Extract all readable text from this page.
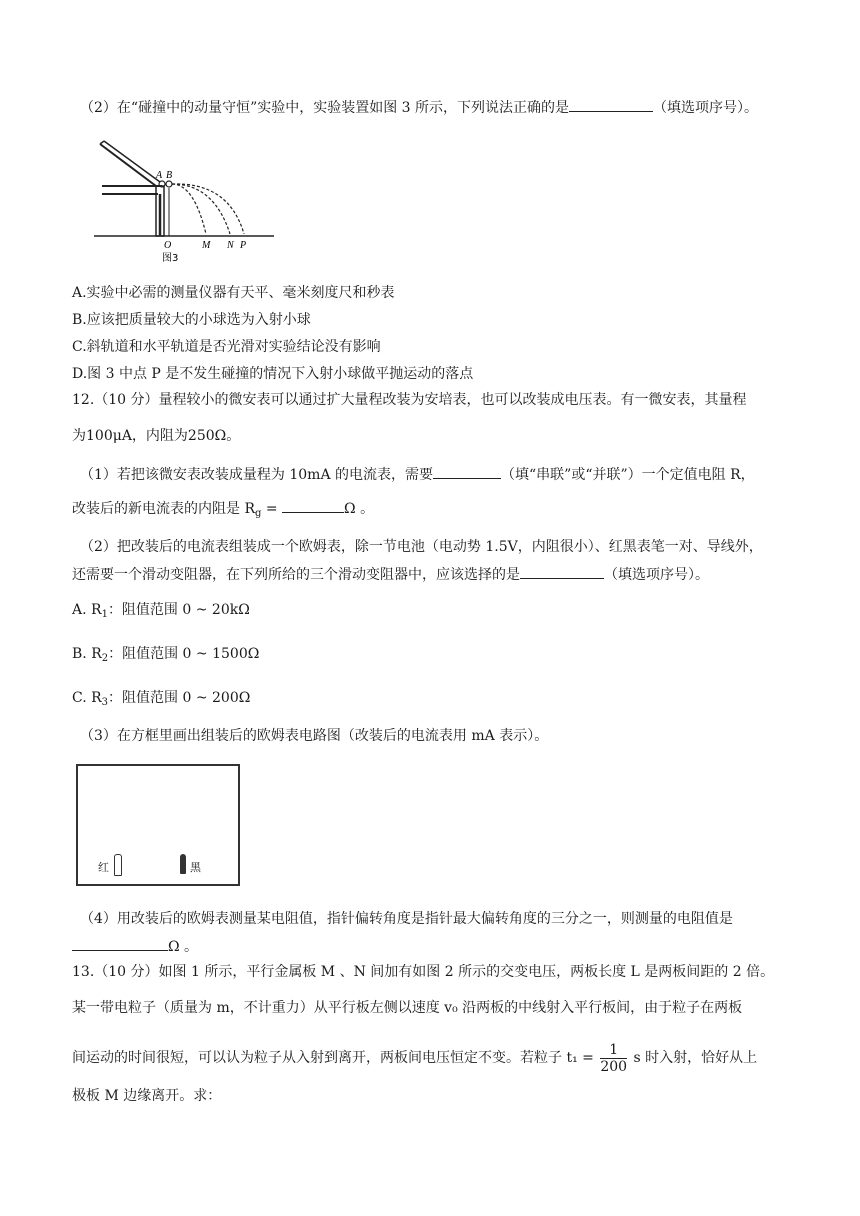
（2）在“碰撞中的动量守恒”实验中，实验装置如图 3 所示，下列说法正确的是	（填选项序号）。
A B
O	M N P
图3
A.实验中必需的测量仪器有天平、毫米刻度尺和秒表
B.应该把质量较大的小球选为入射小球
C.斜轨道和水平轨道是否光滑对实验结论没有影响
D.图 3 中点 P 是不发生碰撞的情况下入射小球做平抛运动的落点
12.（10 分）量程较小的微安表可以通过扩大量程改装为安培表，也可以改装成电压表。有一微安表，其量程
为100μA，内阻为250Ω。
（1）若把该微安表改装成量程为 10mA 的电流表，需要	（填“串联”或“并联”）一个定值电阻 R，
改装后的新电流表的内阻是 $R_g$ =	Ω 。
（2）把改装后的电流表组装成一个欧姆表，除一节电池（电动势 1.5V，内阻很小）、红黑表笔一对、导线外，
还需要一个滑动变阻器，在下列所给的三个滑动变阻器中，应该选择的是	（填选项序号）。
A. $R_1$：阻值范围 0 ~ 20kΩ
B. $R_2$：阻值范围 0 ~ 1500Ω
C. $R_3$：阻值范围 0 ~ 200Ω
（3）在方框里画出组装后的欧姆表电路图（改装后的电流表用 mA 表示）。
红	黑
（4）用改装后的欧姆表测量某电阻值，指针偏转角度是指针最大偏转角度的三分之一，则测量的电阻值是
Ω 。
13.（10 分）如图 1 所示，平行金属板 M 、N 间加有如图 2 所示的交变电压，两板长度 L 是两板间距的 2 倍。
某一带电粒子（质量为 m，不计重力）从平行板左侧以速度 v₀ 沿两板的中线射入平行板间，由于粒子在两板
间运动的时间很短，可以认为粒子从入射到离开，两板间电压恒定不变。若粒子 $t_1 = \frac{1}{200}$ s 时入射，恰好从上
极板 M 边缘离开。求：
